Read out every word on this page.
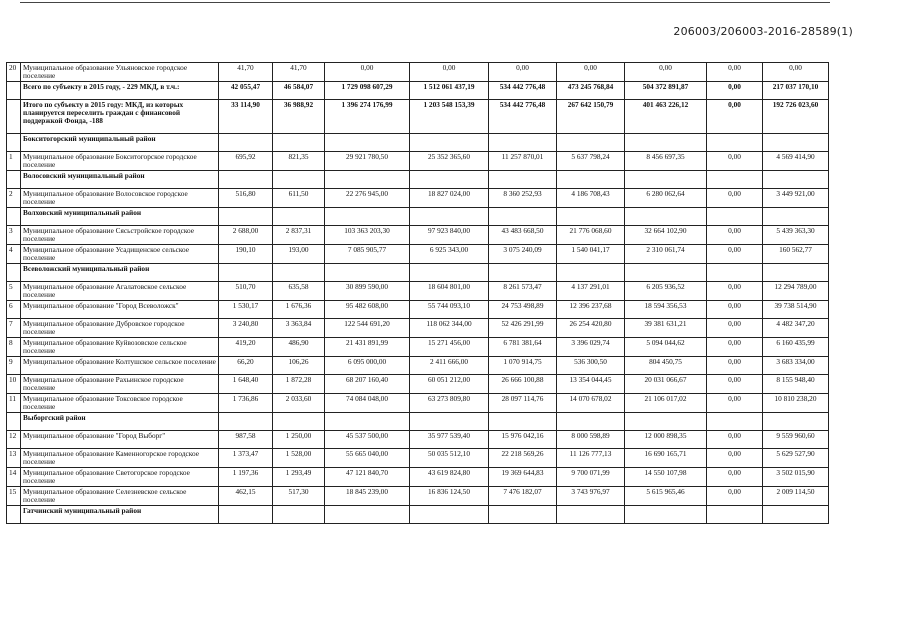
206003/206003-2016-28589(1)
20	Муниципальное образование Ульяновское городское поселение	41,70	41,70	0,00	0,00	0,00	0,00	0,00	0,00	0,00
	Всего по субъекту в 2015 году, - 229 МКД, в т.ч.:	42 055,47	46 584,07	1 729 098 607,29	1 512 061 437,19	534 442 776,48	473 245 768,84	504 372 891,87	0,00	217 037 170,10
	Итого по субъекту в 2015 году: МКД, из которых планируется переселить граждан с финансовой поддержкой Фонда, -188	33 114,90	36 988,92	1 396 274 176,99	1 203 548 153,39	534 442 776,48	267 642 150,79	401 463 226,12	0,00	192 726 023,60
	Бокситогорский муниципальный район									
1	Муниципальное образование Бокситогорское городское поселение	695,92	821,35	29 921 780,50	25 352 365,60	11 257 870,01	5 637 798,24	8 456 697,35	0,00	4 569 414,90
	Волосовский муниципальный район									
2	Муниципальное образование Волосовское городское поселение	516,80	611,50	22 276 945,00	18 827 024,00	8 360 252,93	4 186 708,43	6 280 062,64	0,00	3 449 921,00
	Волховский муниципальный район									
3	Муниципальное образование Сясьстройское городское поселение	2 688,00	2 837,31	103 363 203,30	97 923 840,00	43 483 668,50	21 776 068,60	32 664 102,90	0,00	5 439 363,30
4	Муниципальное образование Усадищенское сельское поселение	190,10	193,00	7 085 905,77	6 925 343,00	3 075 240,09	1 540 041,17	2 310 061,74	0,00	160 562,77
	Всеволожский муниципальный район									
5	Муниципальное образование Агалатовское сельское поселение	510,70	635,58	30 899 590,00	18 604 801,00	8 261 573,47	4 137 291,01	6 205 936,52	0,00	12 294 789,00
6	Муниципальное образование "Город Всеволожск"	1 530,17	1 676,36	95 482 608,00	55 744 093,10	24 753 498,89	12 396 237,68	18 594 356,53	0,00	39 738 514,90
7	Муниципальное образование Дубровское городское поселение	3 240,80	3 363,84	122 544 691,20	118 062 344,00	52 426 291,99	26 254 420,80	39 381 631,21	0,00	4 482 347,20
8	Муниципальное образование Куйвозовское сельское поселение	419,20	486,90	21 431 891,99	15 271 456,00	6 781 381,64	3 396 029,74	5 094 044,62	0,00	6 160 435,99
9	Муниципальное образование Колтушское сельское поселение	66,20	106,26	6 095 000,00	2 411 666,00	1 070 914,75	536 300,50	804 450,75	0,00	3 683 334,00
10	Муниципальное образование Рахьинское городское поселение	1 648,40	1 872,28	68 207 160,40	60 051 212,00	26 666 100,88	13 354 044,45	20 031 066,67	0,00	8 155 948,40
11	Муниципальное образование Токсовское городское поселение	1 736,86	2 033,60	74 084 048,00	63 273 809,80	28 097 114,76	14 070 678,02	21 106 017,02	0,00	10 810 238,20
	Выборгский район									
12	Муниципальное образование "Город Выборг"	987,58	1 250,00	45 537 500,00	35 977 539,40	15 976 042,16	8 000 598,89	12 000 898,35	0,00	9 559 960,60
13	Муниципальное образование Каменногорское городское поселение	1 373,47	1 528,00	55 665 040,00	50 035 512,10	22 218 569,26	11 126 777,13	16 690 165,71	0,00	5 629 527,90
14	Муниципальное образование Светогорское городское поселение	1 197,36	1 293,49	47 121 840,70	43 619 824,80	19 369 644,83	9 700 071,99	14 550 107,98	0,00	3 502 015,90
15	Муниципальное образование Селезневское сельское поселение	462,15	517,30	18 845 239,00	16 836 124,50	7 476 182,07	3 743 976,97	5 615 965,46	0,00	2 009 114,50
	Гатчинский муниципальный район									
